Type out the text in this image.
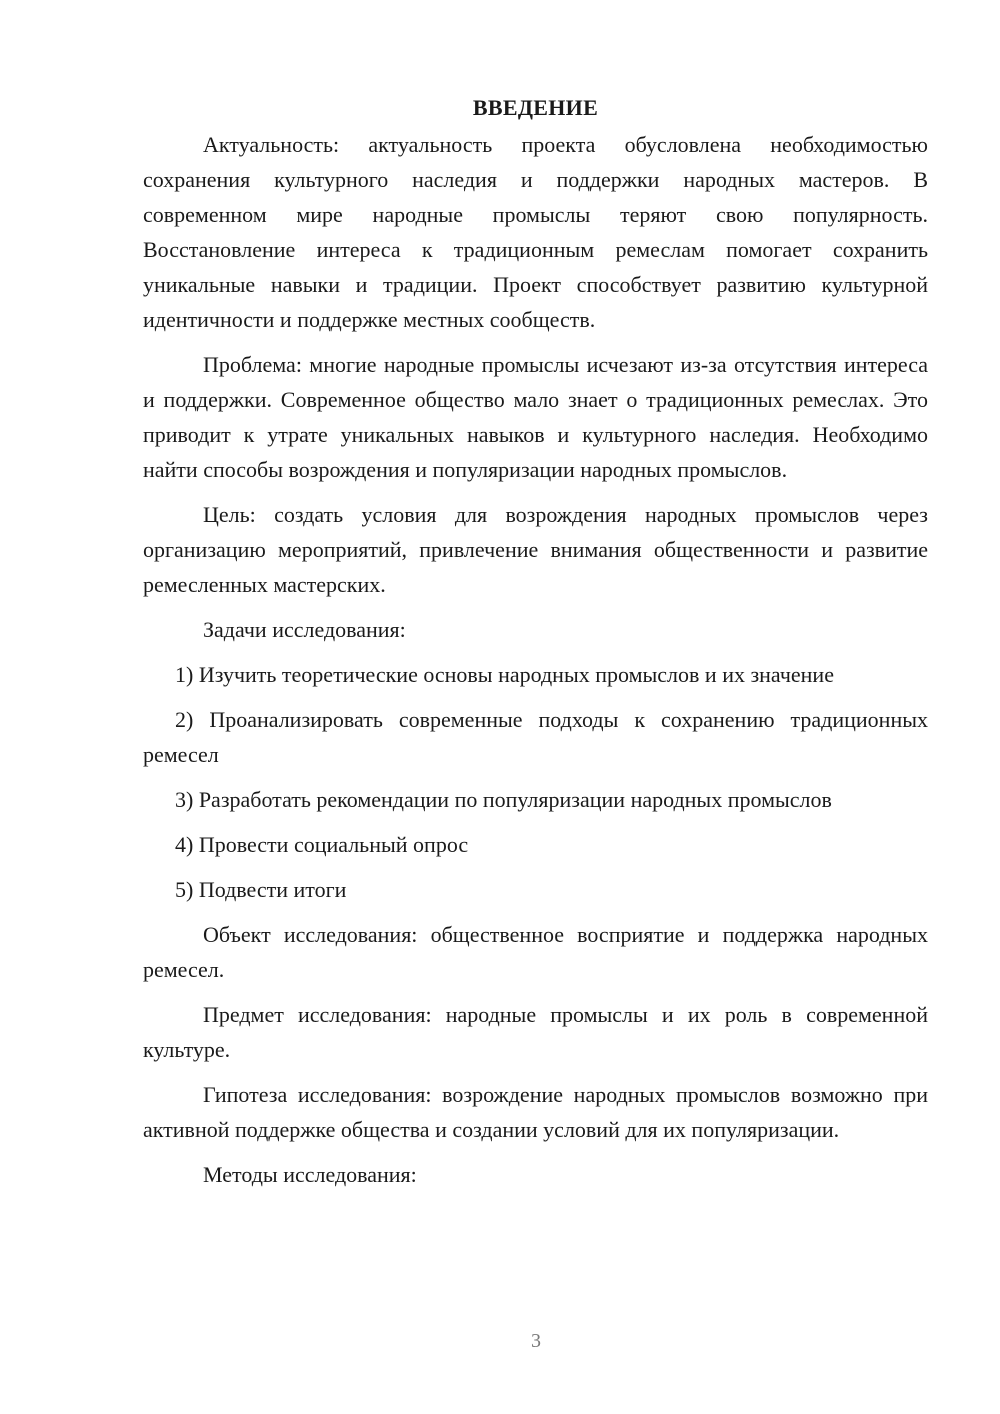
ВВЕДЕНИЕ

Актуальность: актуальность проекта обусловлена необходимостью сохранения культурного наследия и поддержки народных мастеров. В современном мире народные промыслы теряют свою популярность. Восстановление интереса к традиционным ремеслам помогает сохранить уникальные навыки и традиции. Проект способствует развитию культурной идентичности и поддержке местных сообществ.

Проблема: многие народные промыслы исчезают из-за отсутствия интереса и поддержки. Современное общество мало знает о традиционных ремеслах. Это приводит к утрате уникальных навыков и культурного наследия. Необходимо найти способы возрождения и популяризации народных промыслов.

Цель: создать условия для возрождения народных промыслов через организацию мероприятий, привлечение внимания общественности и развитие ремесленных мастерских.

Задачи исследования:

1) Изучить теоретические основы народных промыслов и их значение

2) Проанализировать современные подходы к сохранению традиционных ремесел

3) Разработать рекомендации по популяризации народных промыслов

4) Провести социальный опрос

5) Подвести итоги

Объект исследования: общественное восприятие и поддержка народных ремесел.

Предмет исследования: народные промыслы и их роль в современной культуре.

Гипотеза исследования: возрождение народных промыслов возможно при активной поддержке общества и создании условий для их популяризации.

Методы исследования:

3
